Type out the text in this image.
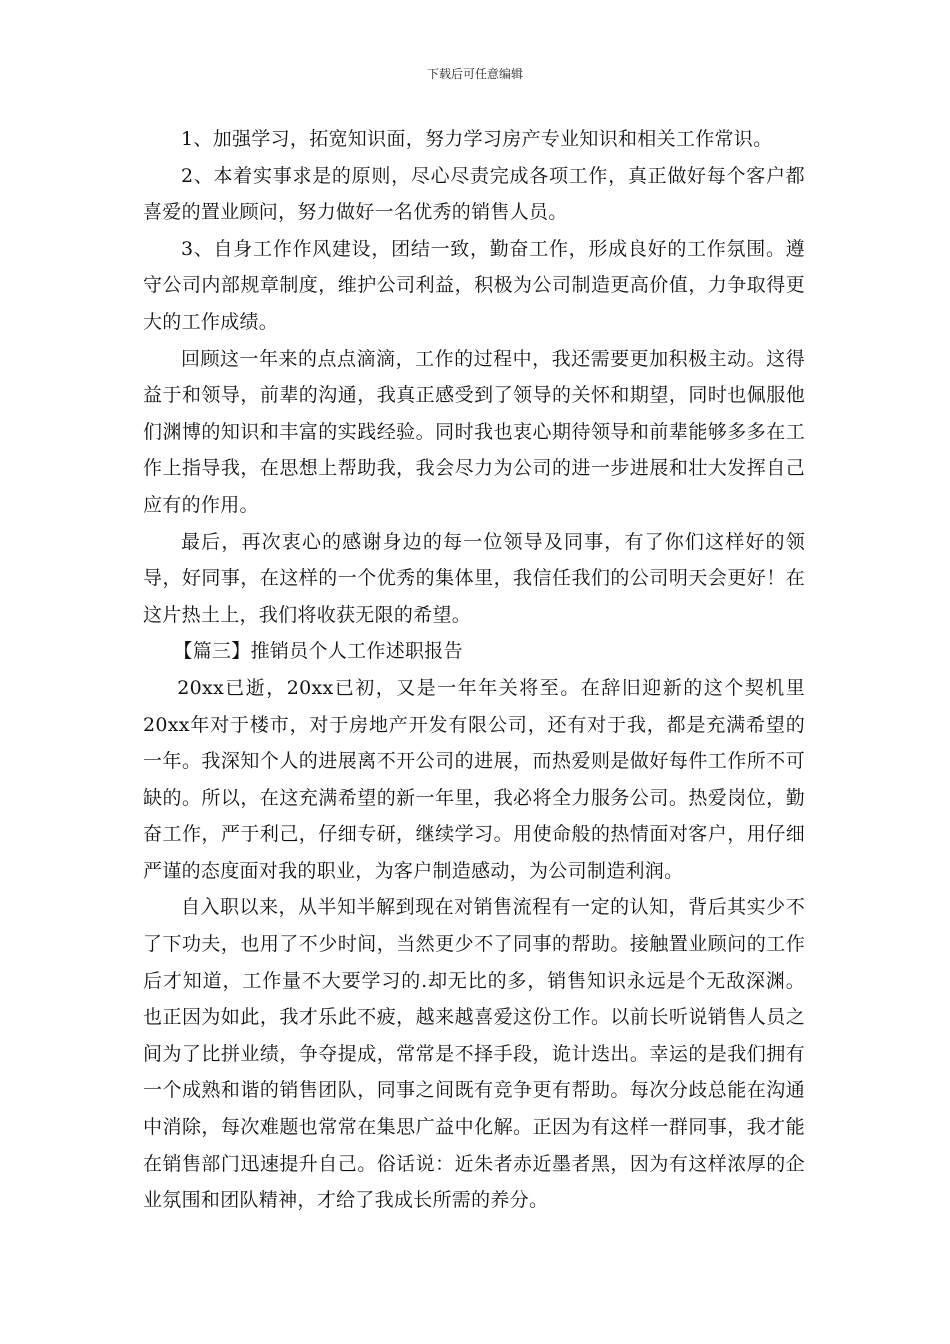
下载后可任意编辑

1、加强学习，拓宽知识面，努力学习房产专业知识和相关工作常识。

2、本着实事求是的原则，尽心尽责完成各项工作，真正做好每个客户都喜爱的置业顾问，努力做好一名优秀的销售人员。

3、自身工作作风建设，团结一致，勤奋工作，形成良好的工作氛围。遵守公司内部规章制度，维护公司利益，积极为公司制造更高价值，力争取得更大的工作成绩。

回顾这一年来的点点滴滴，工作的过程中，我还需要更加积极主动。这得益于和领导，前辈的沟通，我真正感受到了领导的关怀和期望，同时也佩服他们渊博的知识和丰富的实践经验。同时我也衷心期待领导和前辈能够多多在工作上指导我，在思想上帮助我，我会尽力为公司的进一步进展和壮大发挥自己应有的作用。

最后，再次衷心的感谢身边的每一位领导及同事，有了你们这样好的领导，好同事，在这样的一个优秀的集体里，我信任我们的公司明天会更好！在这片热土上，我们将收获无限的希望。

【篇三】推销员个人工作述职报告

20xx已逝，20xx已初，又是一年年关将至。在辞旧迎新的这个契机里20xx年对于楼市，对于房地产开发有限公司，还有对于我，都是充满希望的一年。我深知个人的进展离不开公司的进展，而热爱则是做好每件工作所不可缺的。所以，在这充满希望的新一年里，我必将全力服务公司。热爱岗位，勤奋工作，严于利己，仔细专研，继续学习。用使命般的热情面对客户，用仔细严谨的态度面对我的职业，为客户制造感动，为公司制造利润。

自入职以来，从半知半解到现在对销售流程有一定的认知，背后其实少不了下功夫，也用了不少时间，当然更少不了同事的帮助。接触置业顾问的工作后才知道，工作量不大要学习的.却无比的多，销售知识永远是个无敌深渊。也正因为如此，我才乐此不疲，越来越喜爱这份工作。以前长听说销售人员之间为了比拼业绩，争夺提成，常常是不择手段，诡计迭出。幸运的是我们拥有一个成熟和谐的销售团队，同事之间既有竞争更有帮助。每次分歧总能在沟通中消除，每次难题也常常在集思广益中化解。正因为有这样一群同事，我才能在销售部门迅速提升自己。俗话说：近朱者赤近墨者黑，因为有这样浓厚的企业氛围和团队精神，才给了我成长所需的养分。
